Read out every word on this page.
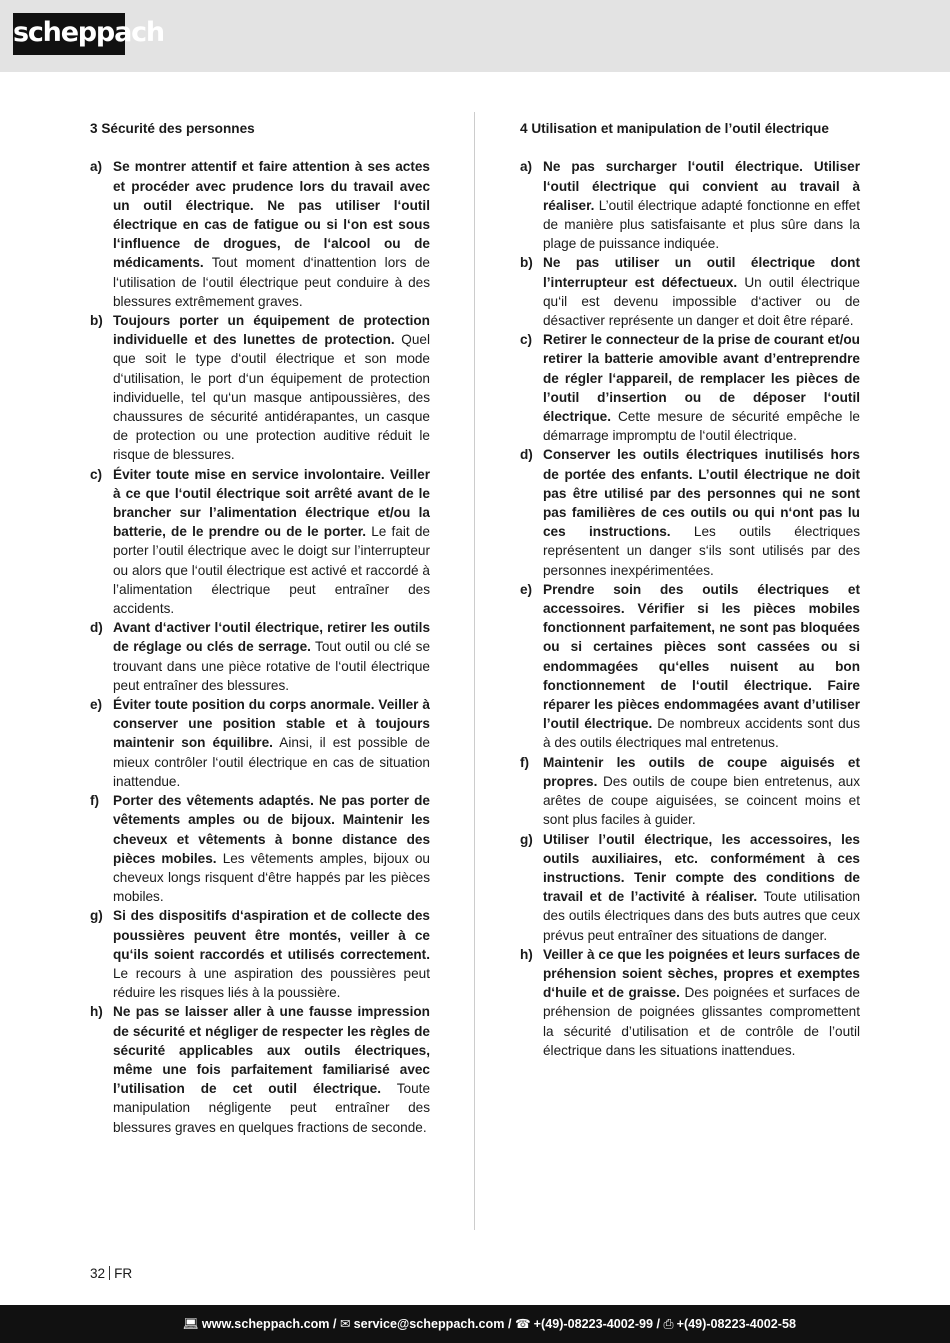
scheppach
3 Sécurité des personnes
a) Se montrer attentif et faire attention à ses actes et procéder avec prudence lors du travail avec un outil électrique. Ne pas utiliser l‘outil électrique en cas de fatigue ou si l‘on est sous l‘influence de drogues, de l‘alcool ou de médicaments. Tout moment d‘inattention lors de l‘utilisation de l‘outil électrique peut conduire à des blessures extrêmement graves.
b) Toujours porter un équipement de protection individuelle et des lunettes de protection. Quel que soit le type d‘outil électrique et son mode d‘utilisation, le port d‘un équipement de protection individuelle, tel qu‘un masque antipoussières, des chaussures de sécurité antidérapantes, un casque de protection ou une protection auditive réduit le risque de blessures.
c) Éviter toute mise en service involontaire. Veiller à ce que l‘outil électrique soit arrêté avant de le brancher sur l’alimentation électrique et/ou la batterie, de le prendre ou de le porter. Le fait de porter l’outil électrique avec le doigt sur l’interrupteur ou alors que l‘outil électrique est activé et raccordé à l’alimentation électrique peut entraîner des accidents.
d) Avant d‘activer l‘outil électrique, retirer les outils de réglage ou clés de serrage. Tout outil ou clé se trouvant dans une pièce rotative de l‘outil électrique peut entraîner des blessures.
e) Éviter toute position du corps anormale. Veiller à conserver une position stable et à toujours maintenir son équilibre. Ainsi, il est possible de mieux contrôler l‘outil électrique en cas de situation inattendue.
f) Porter des vêtements adaptés. Ne pas porter de vêtements amples ou de bijoux. Maintenir les cheveux et vêtements à bonne distance des pièces mobiles. Les vêtements amples, bijoux ou cheveux longs risquent d‘être happés par les pièces mobiles.
g) Si des dispositifs d‘aspiration et de collecte des poussières peuvent être montés, veiller à ce qu‘ils soient raccordés et utilisés correctement. Le recours à une aspiration des poussières peut réduire les risques liés à la poussière.
h) Ne pas se laisser aller à une fausse impression de sécurité et négliger de respecter les règles de sécurité applicables aux outils électriques, même une fois parfaitement familiarisé avec l’utilisation de cet outil électrique. Toute manipulation négligente peut entraîner des blessures graves en quelques fractions de seconde.
4 Utilisation et manipulation de l’outil électrique
a) Ne pas surcharger l‘outil électrique. Utiliser l‘outil électrique qui convient au travail à réaliser. L’outil électrique adapté fonctionne en effet de manière plus satisfaisante et plus sûre dans la plage de puissance indiquée.
b) Ne pas utiliser un outil électrique dont l’interrupteur est défectueux. Un outil électrique qu‘il est devenu impossible d‘activer ou de désactiver représente un danger et doit être réparé.
c) Retirer le connecteur de la prise de courant et/ou retirer la batterie amovible avant d’entreprendre de régler l‘appareil, de remplacer les pièces de l’outil d’insertion ou de déposer l‘outil électrique. Cette mesure de sécurité empêche le démarrage impromptu de l‘outil électrique.
d) Conserver les outils électriques inutilisés hors de portée des enfants. L’outil électrique ne doit pas être utilisé par des personnes qui ne sont pas familières de ces outils ou qui n‘ont pas lu ces instructions. Les outils électriques représentent un danger s‘ils sont utilisés par des personnes inexpérimentées.
e) Prendre soin des outils électriques et accessoires. Vérifier si les pièces mobiles fonctionnent parfaitement, ne sont pas bloquées ou si certaines pièces sont cassées ou si endommagées qu‘elles nuisent au bon fonctionnement de l‘outil électrique. Faire réparer les pièces endommagées avant d’utiliser l’outil électrique. De nombreux accidents sont dus à des outils électriques mal entretenus.
f) Maintenir les outils de coupe aiguisés et propres. Des outils de coupe bien entretenus, aux arêtes de coupe aiguisées, se coincent moins et sont plus faciles à guider.
g) Utiliser l’outil électrique, les accessoires, les outils auxiliaires, etc. conformément à ces instructions. Tenir compte des conditions de travail et de l’activité à réaliser. Toute utilisation des outils électriques dans des buts autres que ceux prévus peut entraîner des situations de danger.
h) Veiller à ce que les poignées et leurs surfaces de préhension soient sèches, propres et exemptes d‘huile et de graisse. Des poignées et surfaces de préhension de poignées glissantes compromettent la sécurité d’utilisation et de contrôle de l’outil électrique dans les situations inattendues.
32 FR
💻︎ www.scheppach.com / ✉︎ service@scheppach.com / ☎︎ +(49)-08223-4002-99 / ⎙ +(49)-08223-4002-58
